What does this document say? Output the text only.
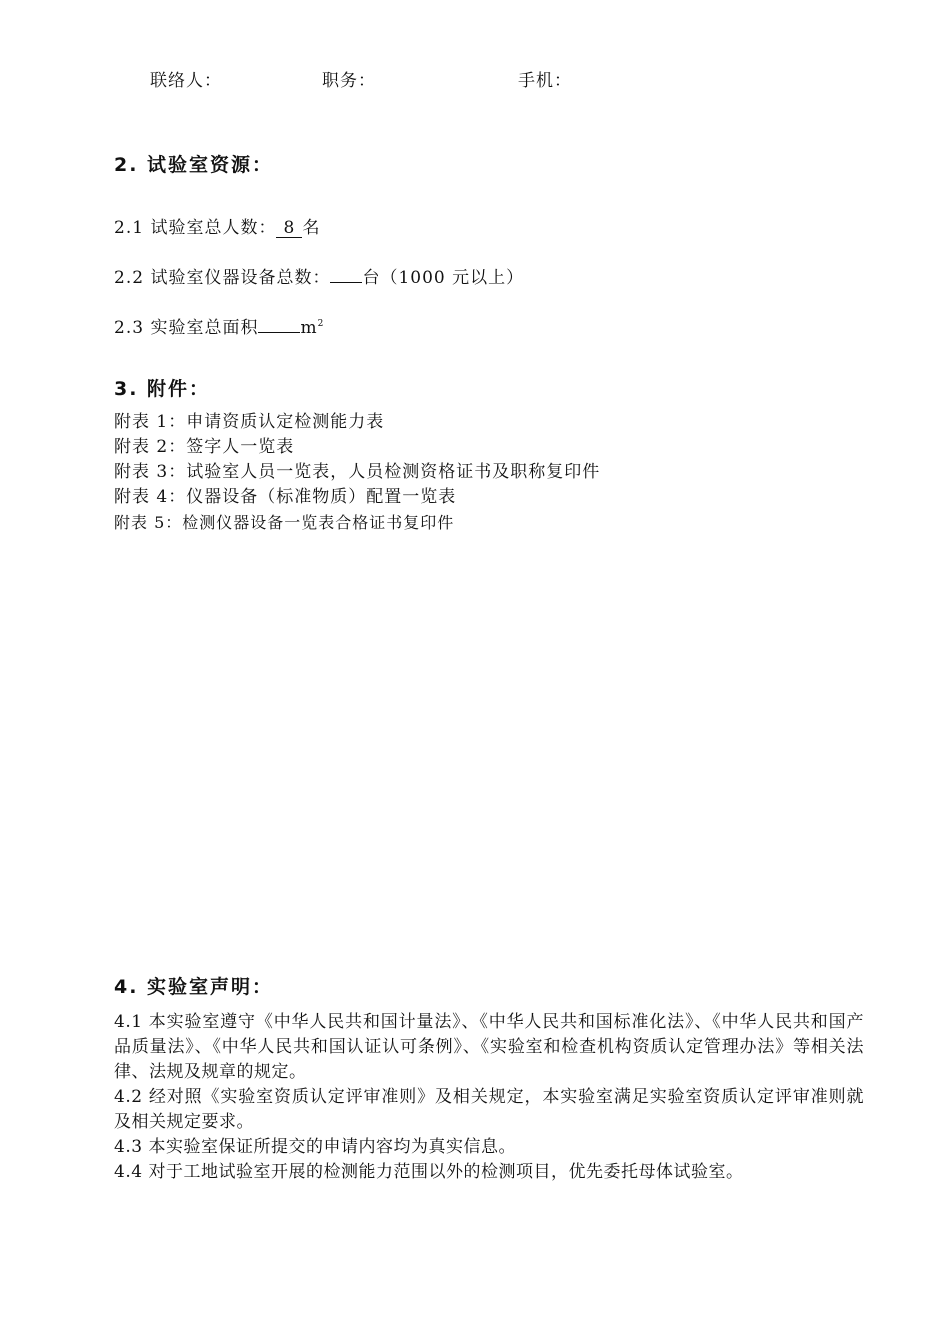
联络人：	职务：	手机：
2. 试验室资源：
2.1 试验室总人数： 8 名
2.2 试验室仪器设备总数： 台（1000 元以上）
2.3 实验室总面积 $m^2$
3. 附件：
附表 1：申请资质认定检测能力表
附表 2：签字人一览表
附表 3：试验室人员一览表，人员检测资格证书及职称复印件
附表 4：仪器设备（标准物质）配置一览表
附表 5：检测仪器设备一览表合格证书复印件
4. 实验室声明：
4.1 本实验室遵守《中华人民共和国计量法》、《中华人民共和国标准化法》、《中华人民共和国产品质量法》、《中华人民共和国认证认可条例》、《实验室和检查机构资质认定管理办法》等相关法律、法规及规章的规定。
4.2 经对照《实验室资质认定评审准则》及相关规定，本实验室满足实验室资质认定评审准则就及相关规定要求。
4.3 本实验室保证所提交的申请内容均为真实信息。
4.4 对于工地试验室开展的检测能力范围以外的检测项目，优先委托母体试验室。
